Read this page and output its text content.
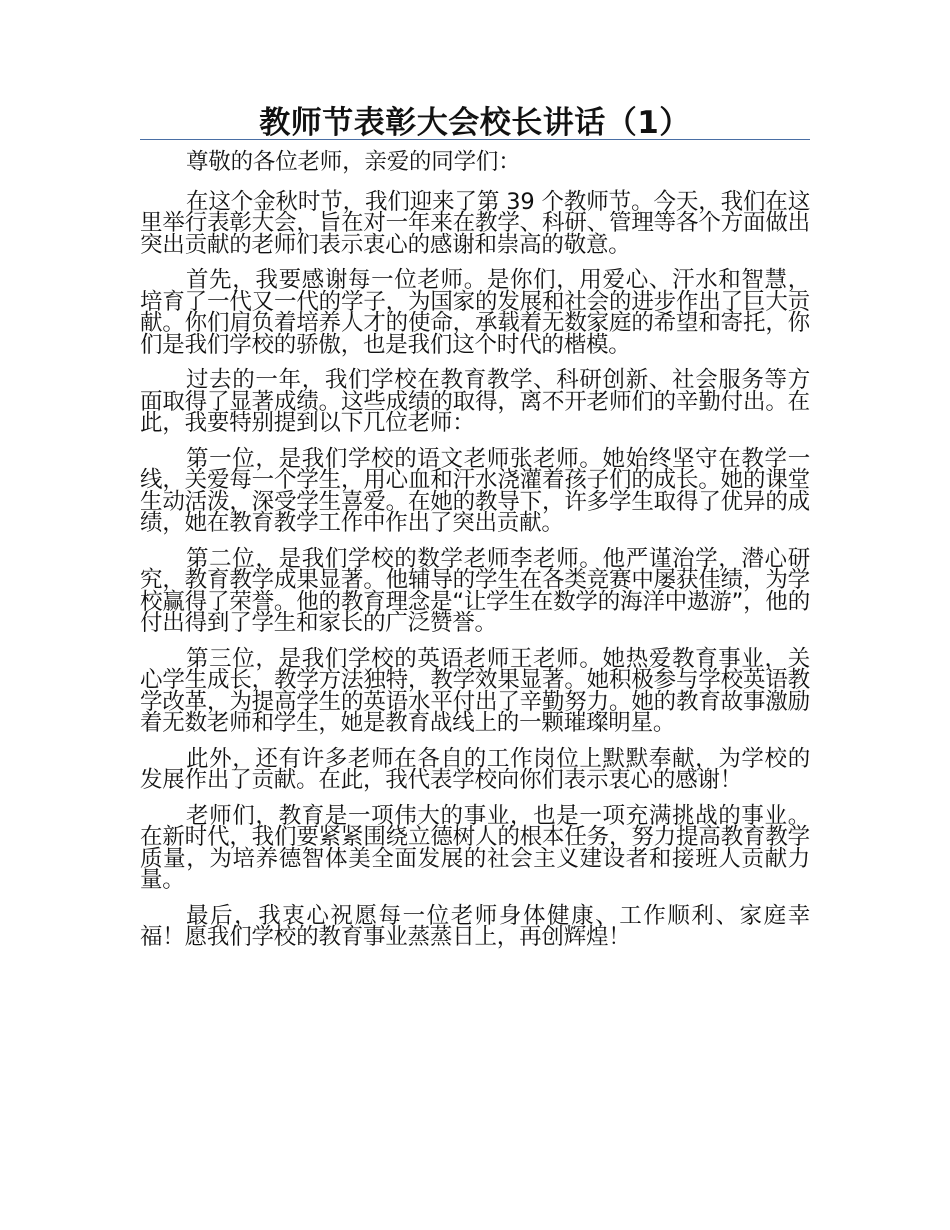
教师节表彰大会校长讲话（1）

尊敬的各位老师，亲爱的同学们：

在这个金秋时节，我们迎来了第 39 个教师节。今天，我们在这里举行表彰大会，旨在对一年来在教学、科研、管理等各个方面做出突出贡献的老师们表示衷心的感谢和崇高的敬意。

首先，我要感谢每一位老师。是你们，用爱心、汗水和智慧，培育了一代又一代的学子，为国家的发展和社会的进步作出了巨大贡献。你们肩负着培养人才的使命，承载着无数家庭的希望和寄托，你们是我们学校的骄傲，也是我们这个时代的楷模。

过去的一年，我们学校在教育教学、科研创新、社会服务等方面取得了显著成绩。这些成绩的取得，离不开老师们的辛勤付出。在此，我要特别提到以下几位老师：

第一位，是我们学校的语文老师张老师。她始终坚守在教学一线，关爱每一个学生，用心血和汗水浇灌着孩子们的成长。她的课堂生动活泼，深受学生喜爱。在她的教导下，许多学生取得了优异的成绩，她在教育教学工作中作出了突出贡献。

第二位，是我们学校的数学老师李老师。他严谨治学，潜心研究，教育教学成果显著。他辅导的学生在各类竞赛中屡获佳绩，为学校赢得了荣誉。他的教育理念是“让学生在数学的海洋中遨游”，他的付出得到了学生和家长的广泛赞誉。

第三位，是我们学校的英语老师王老师。她热爱教育事业，关心学生成长，教学方法独特，教学效果显著。她积极参与学校英语教学改革，为提高学生的英语水平付出了辛勤努力。她的教育故事激励着无数老师和学生，她是教育战线上的一颗璀璨明星。

此外，还有许多老师在各自的工作岗位上默默奉献，为学校的发展作出了贡献。在此，我代表学校向你们表示衷心的感谢！

老师们，教育是一项伟大的事业，也是一项充满挑战的事业。在新时代，我们要紧紧围绕立德树人的根本任务，努力提高教育教学质量，为培养德智体美全面发展的社会主义建设者和接班人贡献力量。

最后，我衷心祝愿每一位老师身体健康、工作顺利、家庭幸福！愿我们学校的教育事业蒸蒸日上，再创辉煌！
